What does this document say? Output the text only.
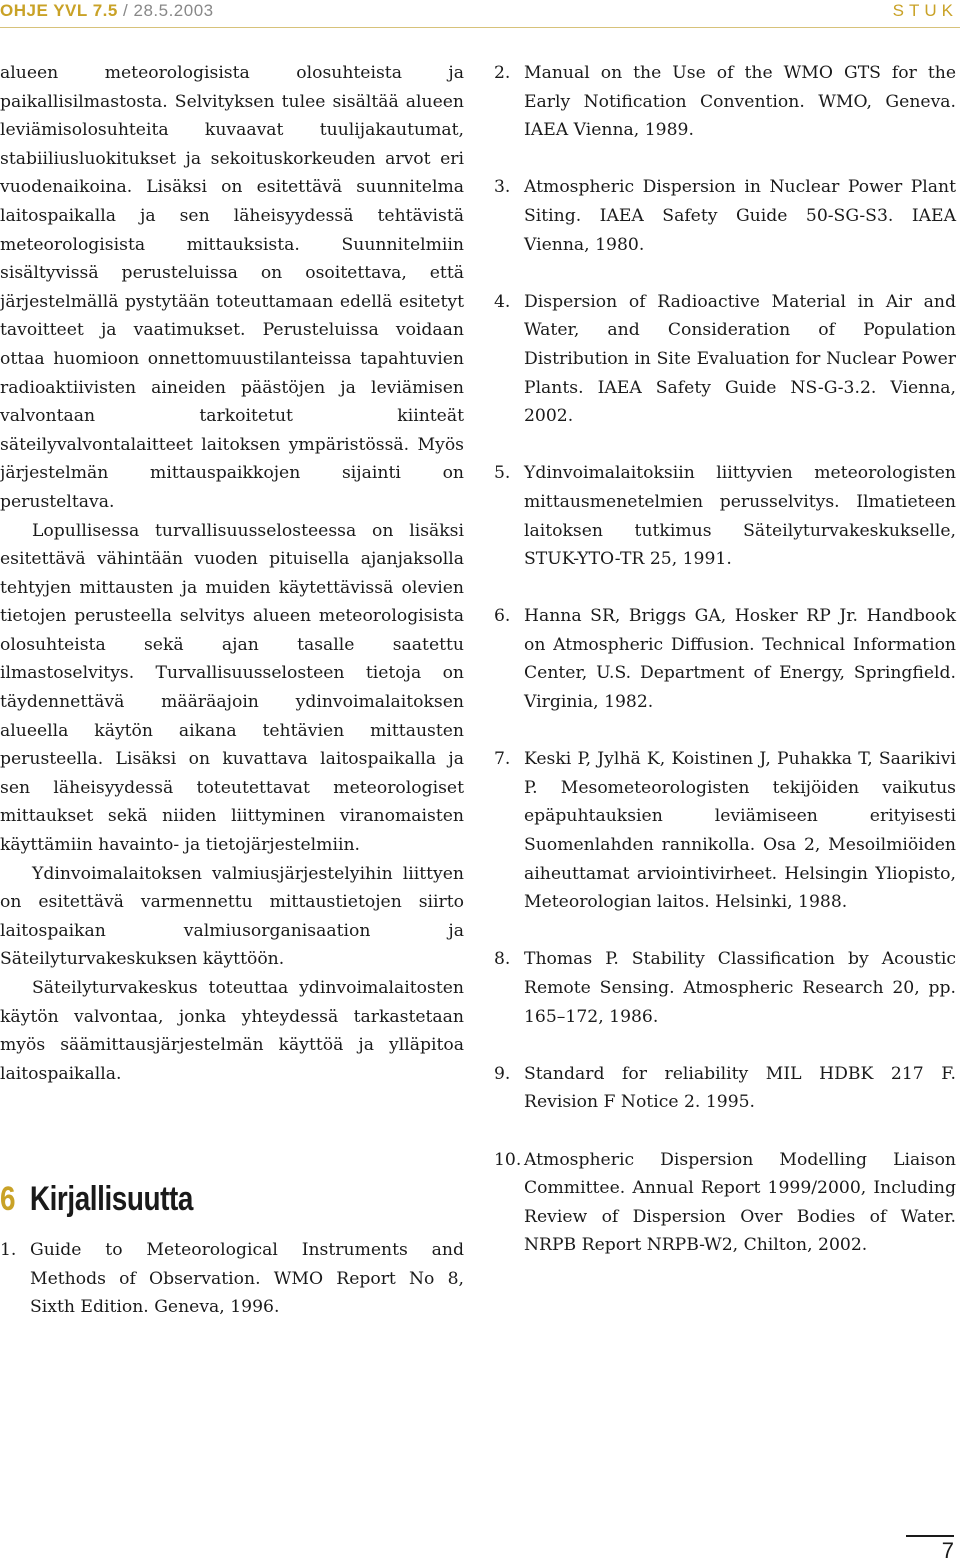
OHJE YVL 7.5 / 28.5.2003	STUK

alueen meteorologisista olosuhteista ja paikallisilmastosta. Selvityksen tulee sisältää alueen leviämisolosuhteita kuvaavat tuulijakautumat, stabiiliusluokitukset ja sekoituskorkeuden arvot eri vuodenaikoina. Lisäksi on esitettävä suunnitelma laitospaikalla ja sen läheisyydessä tehtävistä meteorologisista mittauksista. Suunnitelmiin sisältyvissä perusteluissa on osoitettava, että järjestelmällä pystytään toteuttamaan edellä esitetyt tavoitteet ja vaatimukset. Perusteluissa voidaan ottaa huomioon onnettomuustilanteissa tapahtuvien radioaktiivisten aineiden päästöjen ja leviämisen valvontaan tarkoitetut kiinteät säteilyvalvontalaitteet laitoksen ympäristössä. Myös järjestelmän mittauspaikkojen sijainti on perusteltava.

Lopullisessa turvallisuusselosteessa on lisäksi esitettävä vähintään vuoden pituisella ajanjaksolla tehtyjen mittausten ja muiden käytettävissä olevien tietojen perusteella selvitys alueen meteorologisista olosuhteista sekä ajan tasalle saatettu ilmastoselvitys. Turvallisuusselosteen tietoja on täydennettävä määräajoin ydinvoimalaitoksen alueella käytön aikana tehtävien mittausten perusteella. Lisäksi on kuvattava laitospaikalla ja sen läheisyydessä toteutettavat meteorologiset mittaukset sekä niiden liittyminen viranomaisten käyttämiin havainto- ja tietojärjestelmiin.

Ydinvoimalaitoksen valmiusjärjestelyihin liittyen on esitettävä varmennettu mittaustietojen siirto laitospaikan valmiusorganisaation ja Säteilyturvakeskuksen käyttöön.

Säteilyturvakeskus toteuttaa ydinvoimalaitosten käytön valvontaa, jonka yhteydessä tarkastetaan myös säämittausjärjestelmän käyttöä ja ylläpitoa laitospaikalla.

6 Kirjallisuutta

1. Guide to Meteorological Instruments and Methods of Observation. WMO Report No 8, Sixth Edition. Geneva, 1996.

2. Manual on the Use of the WMO GTS for the Early Notification Convention. WMO, Geneva. IAEA Vienna, 1989.

3. Atmospheric Dispersion in Nuclear Power Plant Siting. IAEA Safety Guide 50-SG-S3. IAEA Vienna, 1980.

4. Dispersion of Radioactive Material in Air and Water, and Consideration of Population Distribution in Site Evaluation for Nuclear Power Plants. IAEA Safety Guide NS-G-3.2. Vienna, 2002.

5. Ydinvoimalaitoksiin liittyvien meteorologisten mittausmenetelmien perusselvitys. Ilmatieteen laitoksen tutkimus Säteilyturvakeskukselle, STUK-YTO-TR 25, 1991.

6. Hanna SR, Briggs GA, Hosker RP Jr. Handbook on Atmospheric Diffusion. Technical Information Center, U.S. Department of Energy, Springfield. Virginia, 1982.

7. Keski P, Jylhä K, Koistinen J, Puhakka T, Saarikivi P. Mesometeorologisten tekijöiden vaikutus epäpuhtauksien leviämiseen erityisesti Suomenlahden rannikolla. Osa 2, Mesoilmiöiden aiheuttamat arviointivirheet. Helsingin Yliopisto, Meteorologian laitos. Helsinki, 1988.

8. Thomas P. Stability Classification by Acoustic Remote Sensing. Atmospheric Research 20, pp. 165–172, 1986.

9. Standard for reliability MIL HDBK 217 F. Revision F Notice 2. 1995.

10. Atmospheric Dispersion Modelling Liaison Committee. Annual Report 1999/2000, Including Review of Dispersion Over Bodies of Water. NRPB Report NRPB-W2, Chilton, 2002.

7
